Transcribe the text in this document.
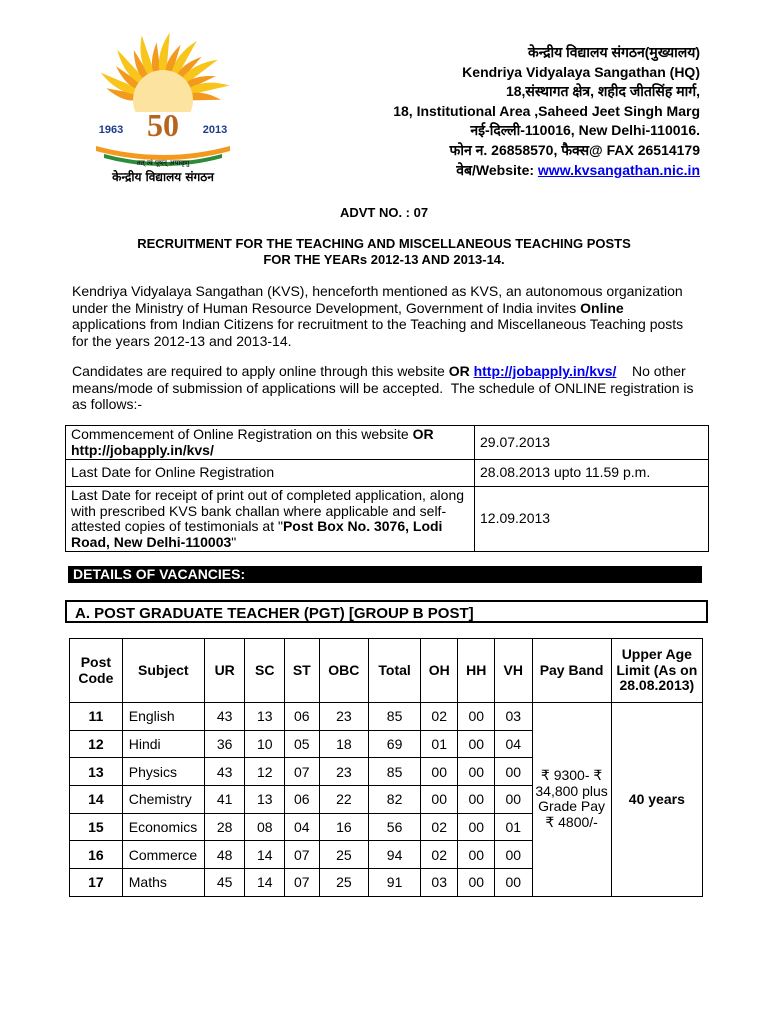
1963 50 2013
तत् त्वं पूषन् अपावृणु
केन्द्रीय विद्यालय संगठन
केन्द्रीय विद्यालय संगठन(मुख्यालय)
Kendriya Vidyalaya Sangathan (HQ)
18,संस्थागत क्षेत्र, शहीद जीतसिंह मार्ग,
18, Institutional Area ,Saheed Jeet Singh Marg
नई-दिल्ली-110016, New Delhi-110016.
फोन न. 26858570, फैक्स@ FAX 26514179
वेब/Website: www.kvsangathan.nic.in
ADVT NO. : 07
RECRUITMENT FOR THE TEACHING AND MISCELLANEOUS TEACHING POSTS
FOR THE YEARs 2012-13 AND 2013-14.
Kendriya Vidyalaya Sangathan (KVS), henceforth mentioned as KVS, an autonomous organization under the Ministry of Human Resource Development, Government of India invites Online applications from Indian Citizens for recruitment to the Teaching and Miscellaneous Teaching posts for the years 2012-13 and 2013-14.
Candidates are required to apply online through this website OR http://jobapply.in/kvs/    No other means/mode of submission of applications will be accepted.  The schedule of ONLINE registration is as follows:-
Commencement of Online Registration on this website OR
http://jobapply.in/kvs/	29.07.2013
Last Date for Online Registration	28.08.2013 upto 11.59 p.m.
Last Date for receipt of print out of completed application, along with prescribed KVS bank challan where applicable and self-attested copies of testimonials at "Post Box No. 3076, Lodi Road, New Delhi-110003"	12.09.2013
DETAILS OF VACANCIES:
A. POST GRADUATE TEACHER (PGT) [GROUP B POST]
Post Code	Subject	UR	SC	ST	OBC	Total	OH	HH	VH	Pay Band	Upper Age Limit (As on 28.08.2013)
11	English	43	13	06	23	85	02	00	03	₹ 9300- ₹ 34,800 plus Grade Pay ₹ 4800/-	40 years
12	Hindi	36	10	05	18	69	01	00	04		
13	Physics	43	12	07	23	85	00	00	00		
14	Chemistry	41	13	06	22	82	00	00	00		
15	Economics	28	08	04	16	56	02	00	01		
16	Commerce	48	14	07	25	94	02	00	00		
17	Maths	45	14	07	25	91	03	00	00		
